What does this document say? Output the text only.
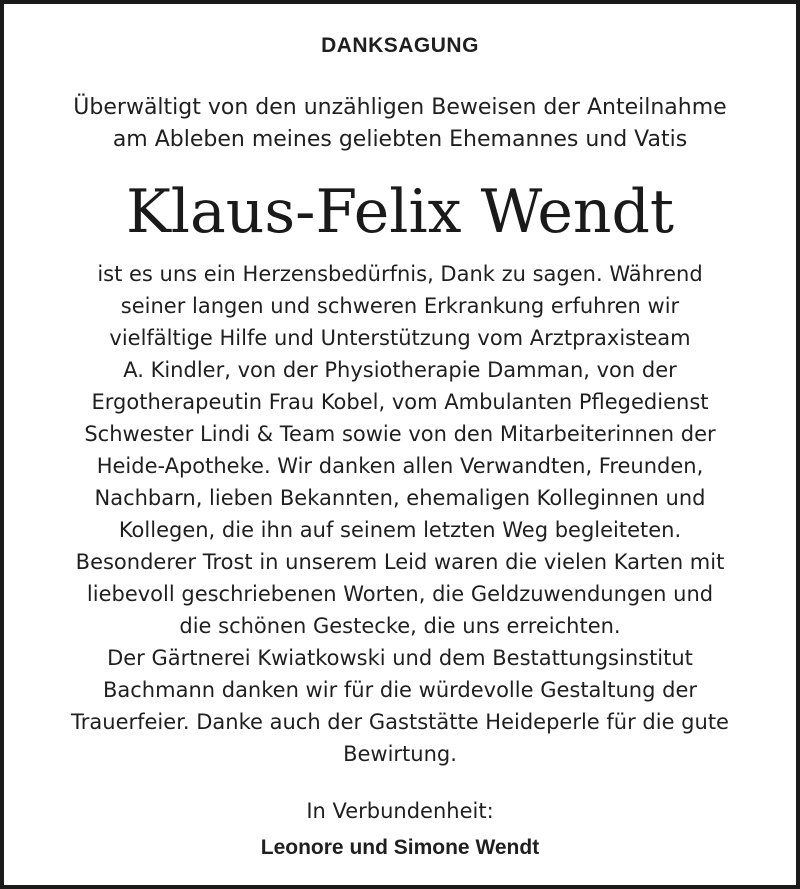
DANKSAGUNG
Überwältigt von den unzähligen Beweisen der Anteilnahme
am Ableben meines geliebten Ehemannes und Vatis
Klaus-Felix Wendt
ist es uns ein Herzensbedürfnis, Dank zu sagen. Während
seiner langen und schweren Erkrankung erfuhren wir
vielfältige Hilfe und Unterstützung vom Arztpraxisteam
A. Kindler, von der Physiotherapie Damman, von der
Ergotherapeutin Frau Kobel, vom Ambulanten Pflegedienst
Schwester Lindi & Team sowie von den Mitarbeiterinnen der
Heide-Apotheke. Wir danken allen Verwandten, Freunden,
Nachbarn, lieben Bekannten, ehemaligen Kolleginnen und
Kollegen, die ihn auf seinem letzten Weg begleiteten.
Besonderer Trost in unserem Leid waren die vielen Karten mit
liebevoll geschriebenen Worten, die Geldzuwendungen und
die schönen Gestecke, die uns erreichten.
Der Gärtnerei Kwiatkowski und dem Bestattungsinstitut
Bachmann danken wir für die würdevolle Gestaltung der
Trauerfeier. Danke auch der Gaststätte Heideperle für die gute
Bewirtung.
In Verbundenheit:
Leonore und Simone Wendt
